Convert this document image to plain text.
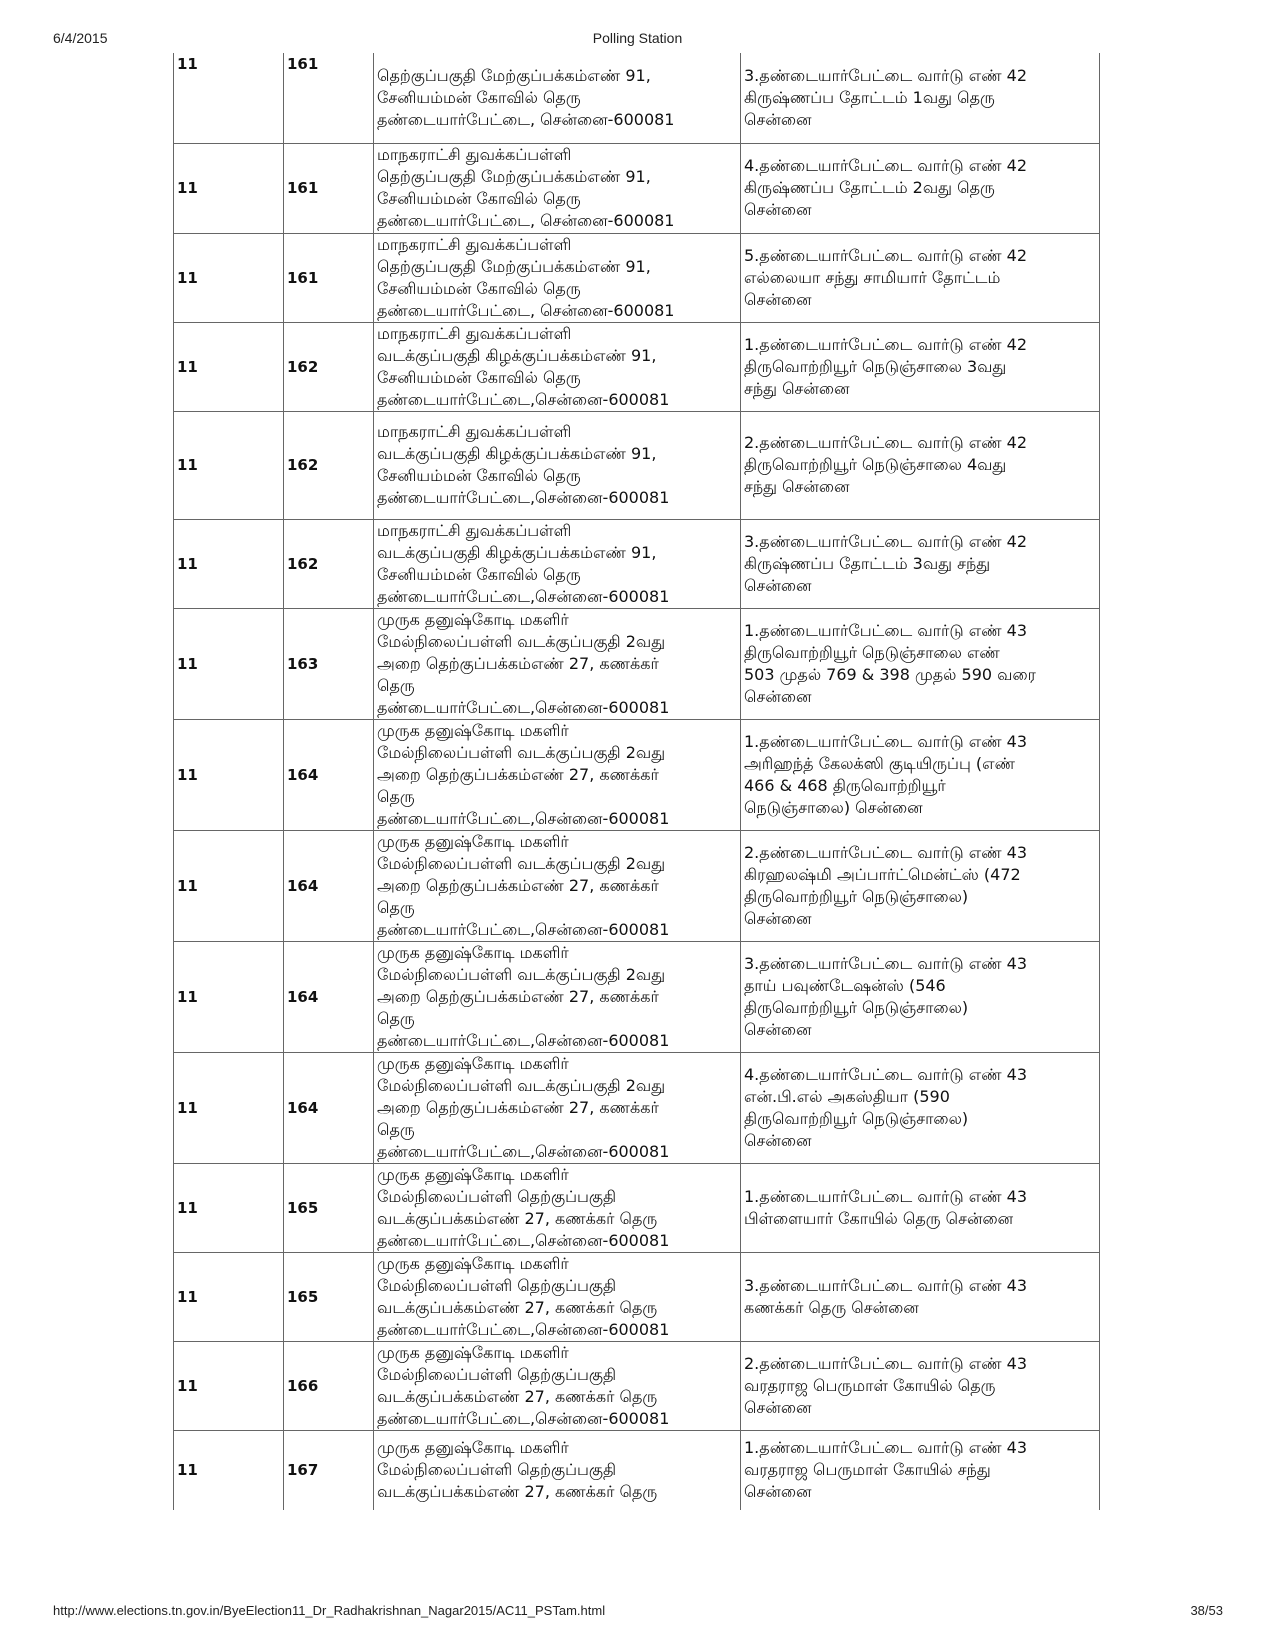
6/4/2015	Polling Station
11	161	தெற்குப்பகுதி மேற்குப்பக்கம்எண் 91,
சேனியம்மன் கோவில் தெரு
தண்டையார்பேட்டை, சென்னை-600081	3.தண்டையார்பேட்டை வார்டு எண் 42
கிருஷ்ணப்ப தோட்டம் 1வது தெரு
சென்னை

11	161	மாநகராட்சி துவக்கப்பள்ளி
தெற்குப்பகுதி மேற்குப்பக்கம்எண் 91,
சேனியம்மன் கோவில் தெரு
தண்டையார்பேட்டை, சென்னை-600081	4.தண்டையார்பேட்டை வார்டு எண் 42
கிருஷ்ணப்ப தோட்டம் 2வது தெரு
சென்னை

11	161	மாநகராட்சி துவக்கப்பள்ளி
தெற்குப்பகுதி மேற்குப்பக்கம்எண் 91,
சேனியம்மன் கோவில் தெரு
தண்டையார்பேட்டை, சென்னை-600081	5.தண்டையார்பேட்டை வார்டு எண் 42
எல்லையா சந்து சாமியார் தோட்டம்
சென்னை

11	162	மாநகராட்சி துவக்கப்பள்ளி
வடக்குப்பகுதி கிழக்குப்பக்கம்எண் 91,
சேனியம்மன் கோவில் தெரு
தண்டையார்பேட்டை,சென்னை-600081	1.தண்டையார்பேட்டை வார்டு எண் 42
திருவொற்றியூர் நெடுஞ்சாலை 3வது
சந்து சென்னை

11	162	மாநகராட்சி துவக்கப்பள்ளி
வடக்குப்பகுதி கிழக்குப்பக்கம்எண் 91,
சேனியம்மன் கோவில் தெரு
தண்டையார்பேட்டை,சென்னை-600081	2.தண்டையார்பேட்டை வார்டு எண் 42
திருவொற்றியூர் நெடுஞ்சாலை 4வது
சந்து சென்னை

11	162	மாநகராட்சி துவக்கப்பள்ளி
வடக்குப்பகுதி கிழக்குப்பக்கம்எண் 91,
சேனியம்மன் கோவில் தெரு
தண்டையார்பேட்டை,சென்னை-600081	3.தண்டையார்பேட்டை வார்டு எண் 42
கிருஷ்ணப்ப தோட்டம் 3வது சந்து
சென்னை

11	163	முருக தனுஷ்கோடி மகளிர்
மேல்நிலைப்பள்ளி வடக்குப்பகுதி 2வது
அறை தெற்குப்பக்கம்எண் 27, கணக்கர்
தெரு
தண்டையார்பேட்டை,சென்னை-600081	1.தண்டையார்பேட்டை வார்டு எண் 43
திருவொற்றியூர் நெடுஞ்சாலை எண்
503 முதல் 769 & 398 முதல் 590 வரை
சென்னை

11	164	முருக தனுஷ்கோடி மகளிர்
மேல்நிலைப்பள்ளி வடக்குப்பகுதி 2வது
அறை தெற்குப்பக்கம்எண் 27, கணக்கர்
தெரு
தண்டையார்பேட்டை,சென்னை-600081	1.தண்டையார்பேட்டை வார்டு எண் 43
அரிஹந்த் கேலக்ஸி குடியிருப்பு (எண்
466 & 468 திருவொற்றியூர்
நெடுஞ்சாலை) சென்னை

11	164	முருக தனுஷ்கோடி மகளிர்
மேல்நிலைப்பள்ளி வடக்குப்பகுதி 2வது
அறை தெற்குப்பக்கம்எண் 27, கணக்கர்
தெரு
தண்டையார்பேட்டை,சென்னை-600081	2.தண்டையார்பேட்டை வார்டு எண் 43
கிரஹலஷ்மி அப்பார்ட்மென்ட்ஸ் (472
திருவொற்றியூர் நெடுஞ்சாலை)
சென்னை

11	164	முருக தனுஷ்கோடி மகளிர்
மேல்நிலைப்பள்ளி வடக்குப்பகுதி 2வது
அறை தெற்குப்பக்கம்எண் 27, கணக்கர்
தெரு
தண்டையார்பேட்டை,சென்னை-600081	3.தண்டையார்பேட்டை வார்டு எண் 43
தாய் பவுண்டேஷன்ஸ் (546
திருவொற்றியூர் நெடுஞ்சாலை)
சென்னை

11	164	முருக தனுஷ்கோடி மகளிர்
மேல்நிலைப்பள்ளி வடக்குப்பகுதி 2வது
அறை தெற்குப்பக்கம்எண் 27, கணக்கர்
தெரு
தண்டையார்பேட்டை,சென்னை-600081	4.தண்டையார்பேட்டை வார்டு எண் 43
என்.பி.எல் அகஸ்தியா (590
திருவொற்றியூர் நெடுஞ்சாலை)
சென்னை

11	165	முருக தனுஷ்கோடி மகளிர்
மேல்நிலைப்பள்ளி தெற்குப்பகுதி
வடக்குப்பக்கம்எண் 27, கணக்கர் தெரு
தண்டையார்பேட்டை,சென்னை-600081	1.தண்டையார்பேட்டை வார்டு எண் 43
பிள்ளையார் கோயில் தெரு சென்னை

11	165	முருக தனுஷ்கோடி மகளிர்
மேல்நிலைப்பள்ளி தெற்குப்பகுதி
வடக்குப்பக்கம்எண் 27, கணக்கர் தெரு
தண்டையார்பேட்டை,சென்னை-600081	3.தண்டையார்பேட்டை வார்டு எண் 43
கணக்கர் தெரு சென்னை

11	166	முருக தனுஷ்கோடி மகளிர்
மேல்நிலைப்பள்ளி தெற்குப்பகுதி
வடக்குப்பக்கம்எண் 27, கணக்கர் தெரு
தண்டையார்பேட்டை,சென்னை-600081	2.தண்டையார்பேட்டை வார்டு எண் 43
வரதராஜ பெருமாள் கோயில் தெரு
சென்னை

11	167	முருக தனுஷ்கோடி மகளிர்
மேல்நிலைப்பள்ளி தெற்குப்பகுதி
வடக்குப்பக்கம்எண் 27, கணக்கர் தெரு	1.தண்டையார்பேட்டை வார்டு எண் 43
வரதராஜ பெருமாள் கோயில் சந்து
சென்னை
http://www.elections.tn.gov.in/ByeElection11_Dr_Radhakrishnan_Nagar2015/AC11_PSTam.html	38/53
